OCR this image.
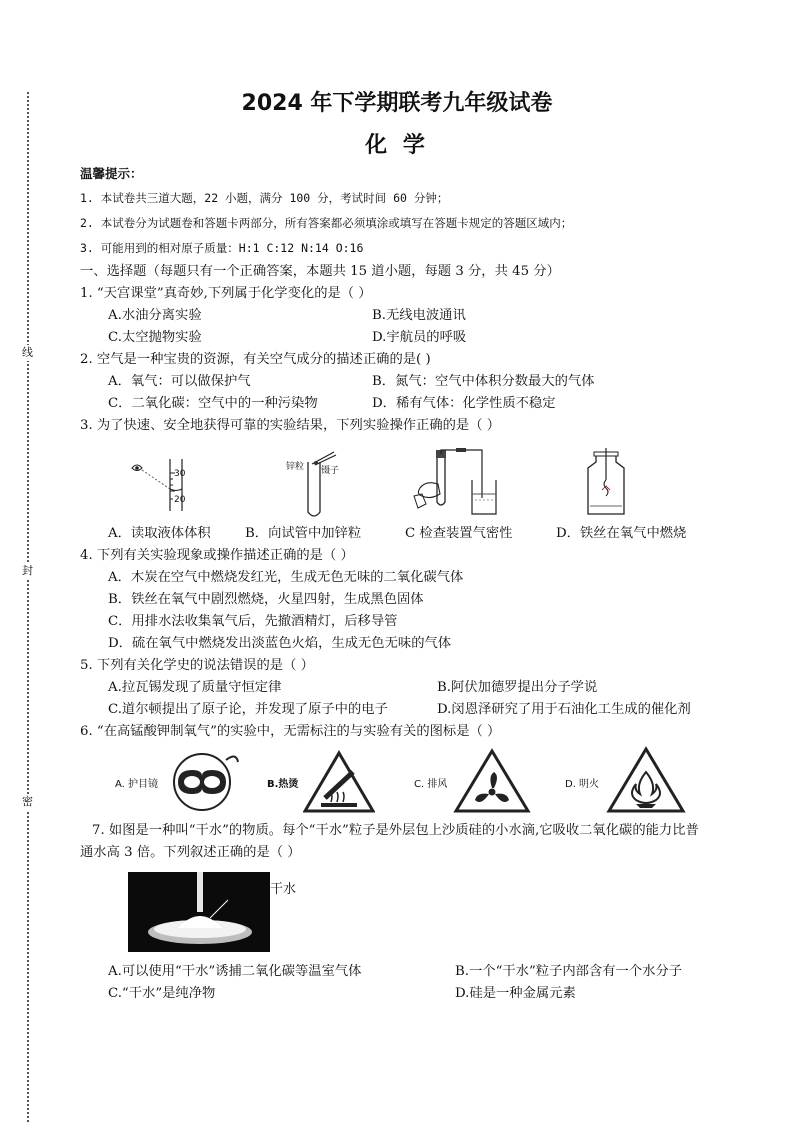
线
封
密
2024 年下学期联考九年级试卷
化 学
温馨提示：
1. 本试卷共三道大题，22 小题，满分 100 分，考试时间 60 分钟；
2. 本试卷分为试题卷和答题卡两部分，所有答案都必须填涂或填写在答题卡规定的答题区域内；
3. 可能用到的相对原子质量：H:1 C:12 N:14 O:16
一、选择题（每题只有一个正确答案，本题共 15 道小题，每题 3 分，共 45 分）
1. “天宫课堂”真奇妙,下列属于化学变化的是（ ）
A.水油分离实验	B.无线电波通讯
C.太空抛物实验	D.宇航员的呼吸
2. 空气是一种宝贵的资源，有关空气成分的描述正确的是( )
A．氧气：可以做保护气	B．氮气：空气中体积分数最大的气体
C．二氧化碳：空气中的一种污染物	D．稀有气体：化学性质不稳定
3. 为了快速、安全地获得可靠的实验结果，下列实验操作正确的是（ ）
30
20
锌粒 镊子
A．读取液体体积	B．向试管中加锌粒	C 检查装置气密性	D．铁丝在氧气中燃烧
4. 下列有关实验现象或操作描述正确的是（ ）
A．木炭在空气中燃烧发红光，生成无色无味的二氧化碳气体
B．铁丝在氧气中剧烈燃烧，火星四射，生成黑色固体
C．用排水法收集氧气后，先撤酒精灯，后移导管
D．硫在氧气中燃烧发出淡蓝色火焰，生成无色无味的气体
5. 下列有关化学史的说法错误的是（ ）
A.拉瓦锡发现了质量守恒定律	B.阿伏加德罗提出分子学说
C.道尔顿提出了原子论，并发现了原子中的电子	D.闵恩泽研究了用于石油化工生成的催化剂
6. “在高锰酸钾制氧气”的实验中，无需标注的与实验有关的图标是（ ）
A. 护目镜	B.热烫	C. 排风	D. 明火
7. 如图是一种叫“干水”的物质。每个“干水”粒子是外层包上沙质硅的小水滴,它吸收二氧化碳的能力比普
通水高 3 倍。下列叙述正确的是（ ）
干水
A.可以使用“干水”诱捕二氧化碳等温室气体	B.一个“干水”粒子内部含有一个水分子
C.“干水”是纯净物	D.硅是一种金属元素
